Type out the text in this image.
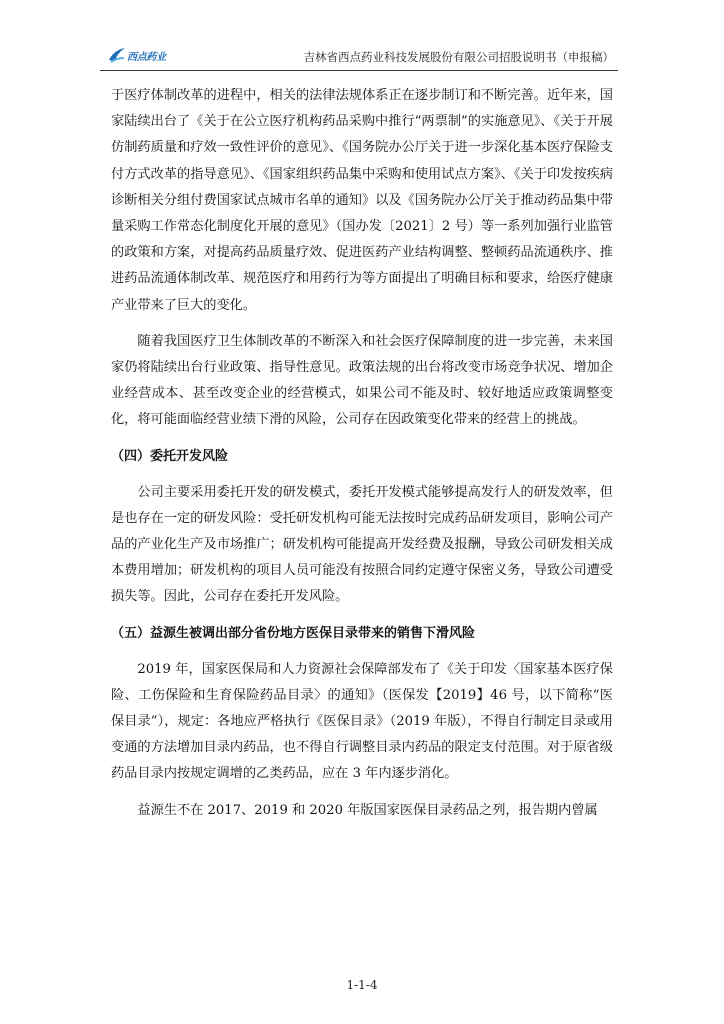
西点药业	吉林省西点药业科技发展股份有限公司招股说明书（申报稿）

于医疗体制改革的进程中，相关的法律法规体系正在逐步制订和不断完善。近年来，国家陆续出台了《关于在公立医疗机构药品采购中推行“两票制”的实施意见》、《关于开展仿制药质量和疗效一致性评价的意见》、《国务院办公厅关于进一步深化基本医疗保险支付方式改革的指导意见》、《国家组织药品集中采购和使用试点方案》、《关于印发按疾病诊断相关分组付费国家试点城市名单的通知》以及《国务院办公厅关于推动药品集中带量采购工作常态化制度化开展的意见》（国办发〔2021〕2 号）等一系列加强行业监管的政策和方案，对提高药品质量疗效、促进医药产业结构调整、整顿药品流通秩序、推进药品流通体制改革、规范医疗和用药行为等方面提出了明确目标和要求，给医疗健康产业带来了巨大的变化。

随着我国医疗卫生体制改革的不断深入和社会医疗保障制度的进一步完善，未来国家仍将陆续出台行业政策、指导性意见。政策法规的出台将改变市场竞争状况、增加企业经营成本、甚至改变企业的经营模式，如果公司不能及时、较好地适应政策调整变化，将可能面临经营业绩下滑的风险，公司存在因政策变化带来的经营上的挑战。

（四）委托开发风险

公司主要采用委托开发的研发模式，委托开发模式能够提高发行人的研发效率，但是也存在一定的研发风险：受托研发机构可能无法按时完成药品研发项目，影响公司产品的产业化生产及市场推广；研发机构可能提高开发经费及报酬，导致公司研发相关成本费用增加；研发机构的项目人员可能没有按照合同约定遵守保密义务，导致公司遭受损失等。因此，公司存在委托开发风险。

（五）益源生被调出部分省份地方医保目录带来的销售下滑风险

2019 年，国家医保局和人力资源社会保障部发布了《关于印发〈国家基本医疗保险、工伤保险和生育保险药品目录〉的通知》（医保发【2019】46 号，以下简称“医保目录”），规定：各地应严格执行《医保目录》（2019 年版），不得自行制定目录或用变通的方法增加目录内药品，也不得自行调整目录内药品的限定支付范围。对于原省级药品目录内按规定调增的乙类药品，应在 3 年内逐步消化。

益源生不在 2017、2019 和 2020 年版国家医保目录药品之列，报告期内曾属

1-1-4
